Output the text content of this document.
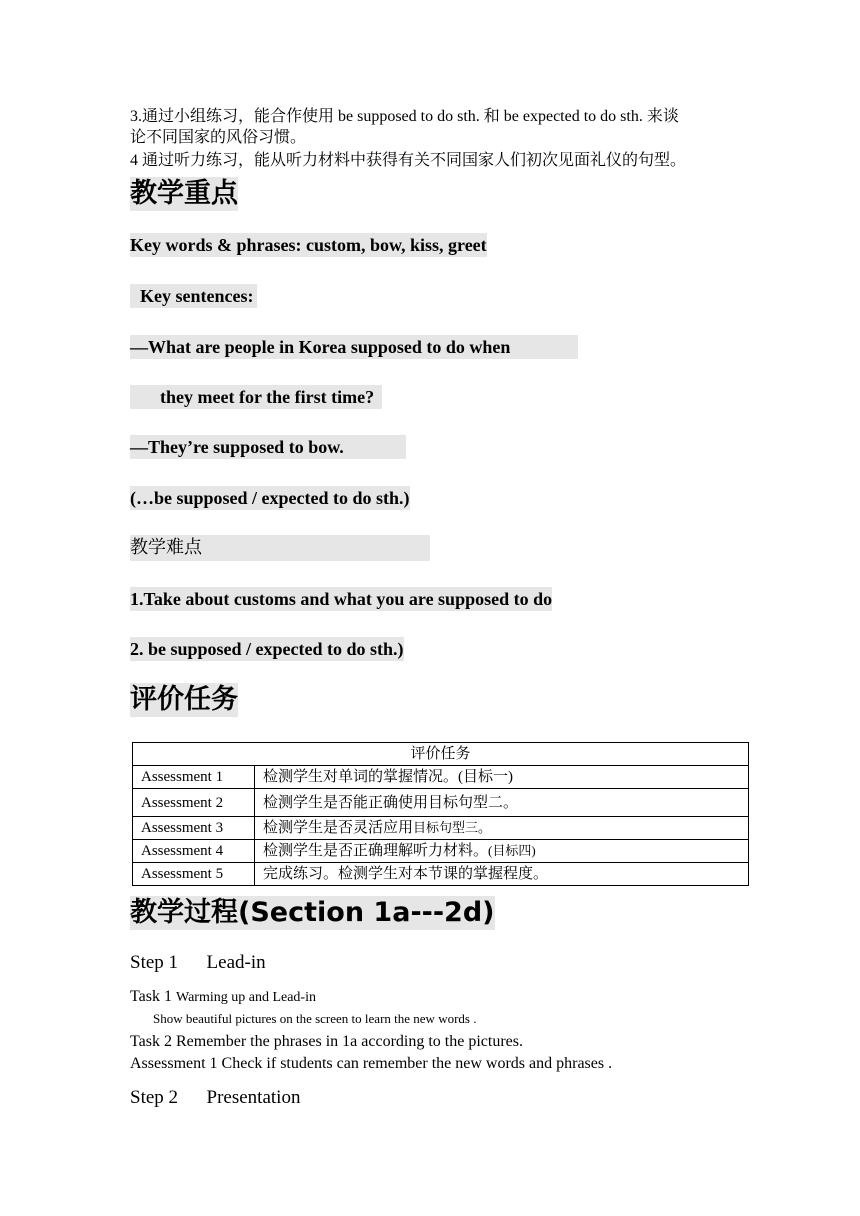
3.通过小组练习，能合作使用 be supposed to do sth. 和 be expected to do sth. 来谈
论不同国家的风俗习惯。
4 通过听力练习，能从听力材料中获得有关不同国家人们初次见面礼仪的句型。
教学重点
Key words & phrases: custom, bow, kiss, greet
Key sentences:
—What are people in Korea supposed to do when
they meet for the first time?
—They’re supposed to bow.
(…be supposed / expected to do sth.)
教学难点
1.Take about customs and what you are supposed to do
2. be supposed / expected to do sth.)
评价任务
评价任务	
Assessment 1	检测学生对单词的掌握情况。(目标一)
Assessment 2	检测学生是否能正确使用目标句型二。
Assessment 3	检测学生是否灵活应用目标句型三。
Assessment 4	检测学生是否正确理解听力材料。(目标四)
Assessment 5	完成练习。检测学生对本节课的掌握程度。
教学过程(Section 1a---2d)
Step 1      Lead-in
Task 1 Warming up and Lead-in
Show beautiful pictures on the screen to learn the new words .
Task 2 Remember the phrases in 1a according to the pictures.
Assessment 1 Check if students can remember the new words and phrases .
Step 2      Presentation
